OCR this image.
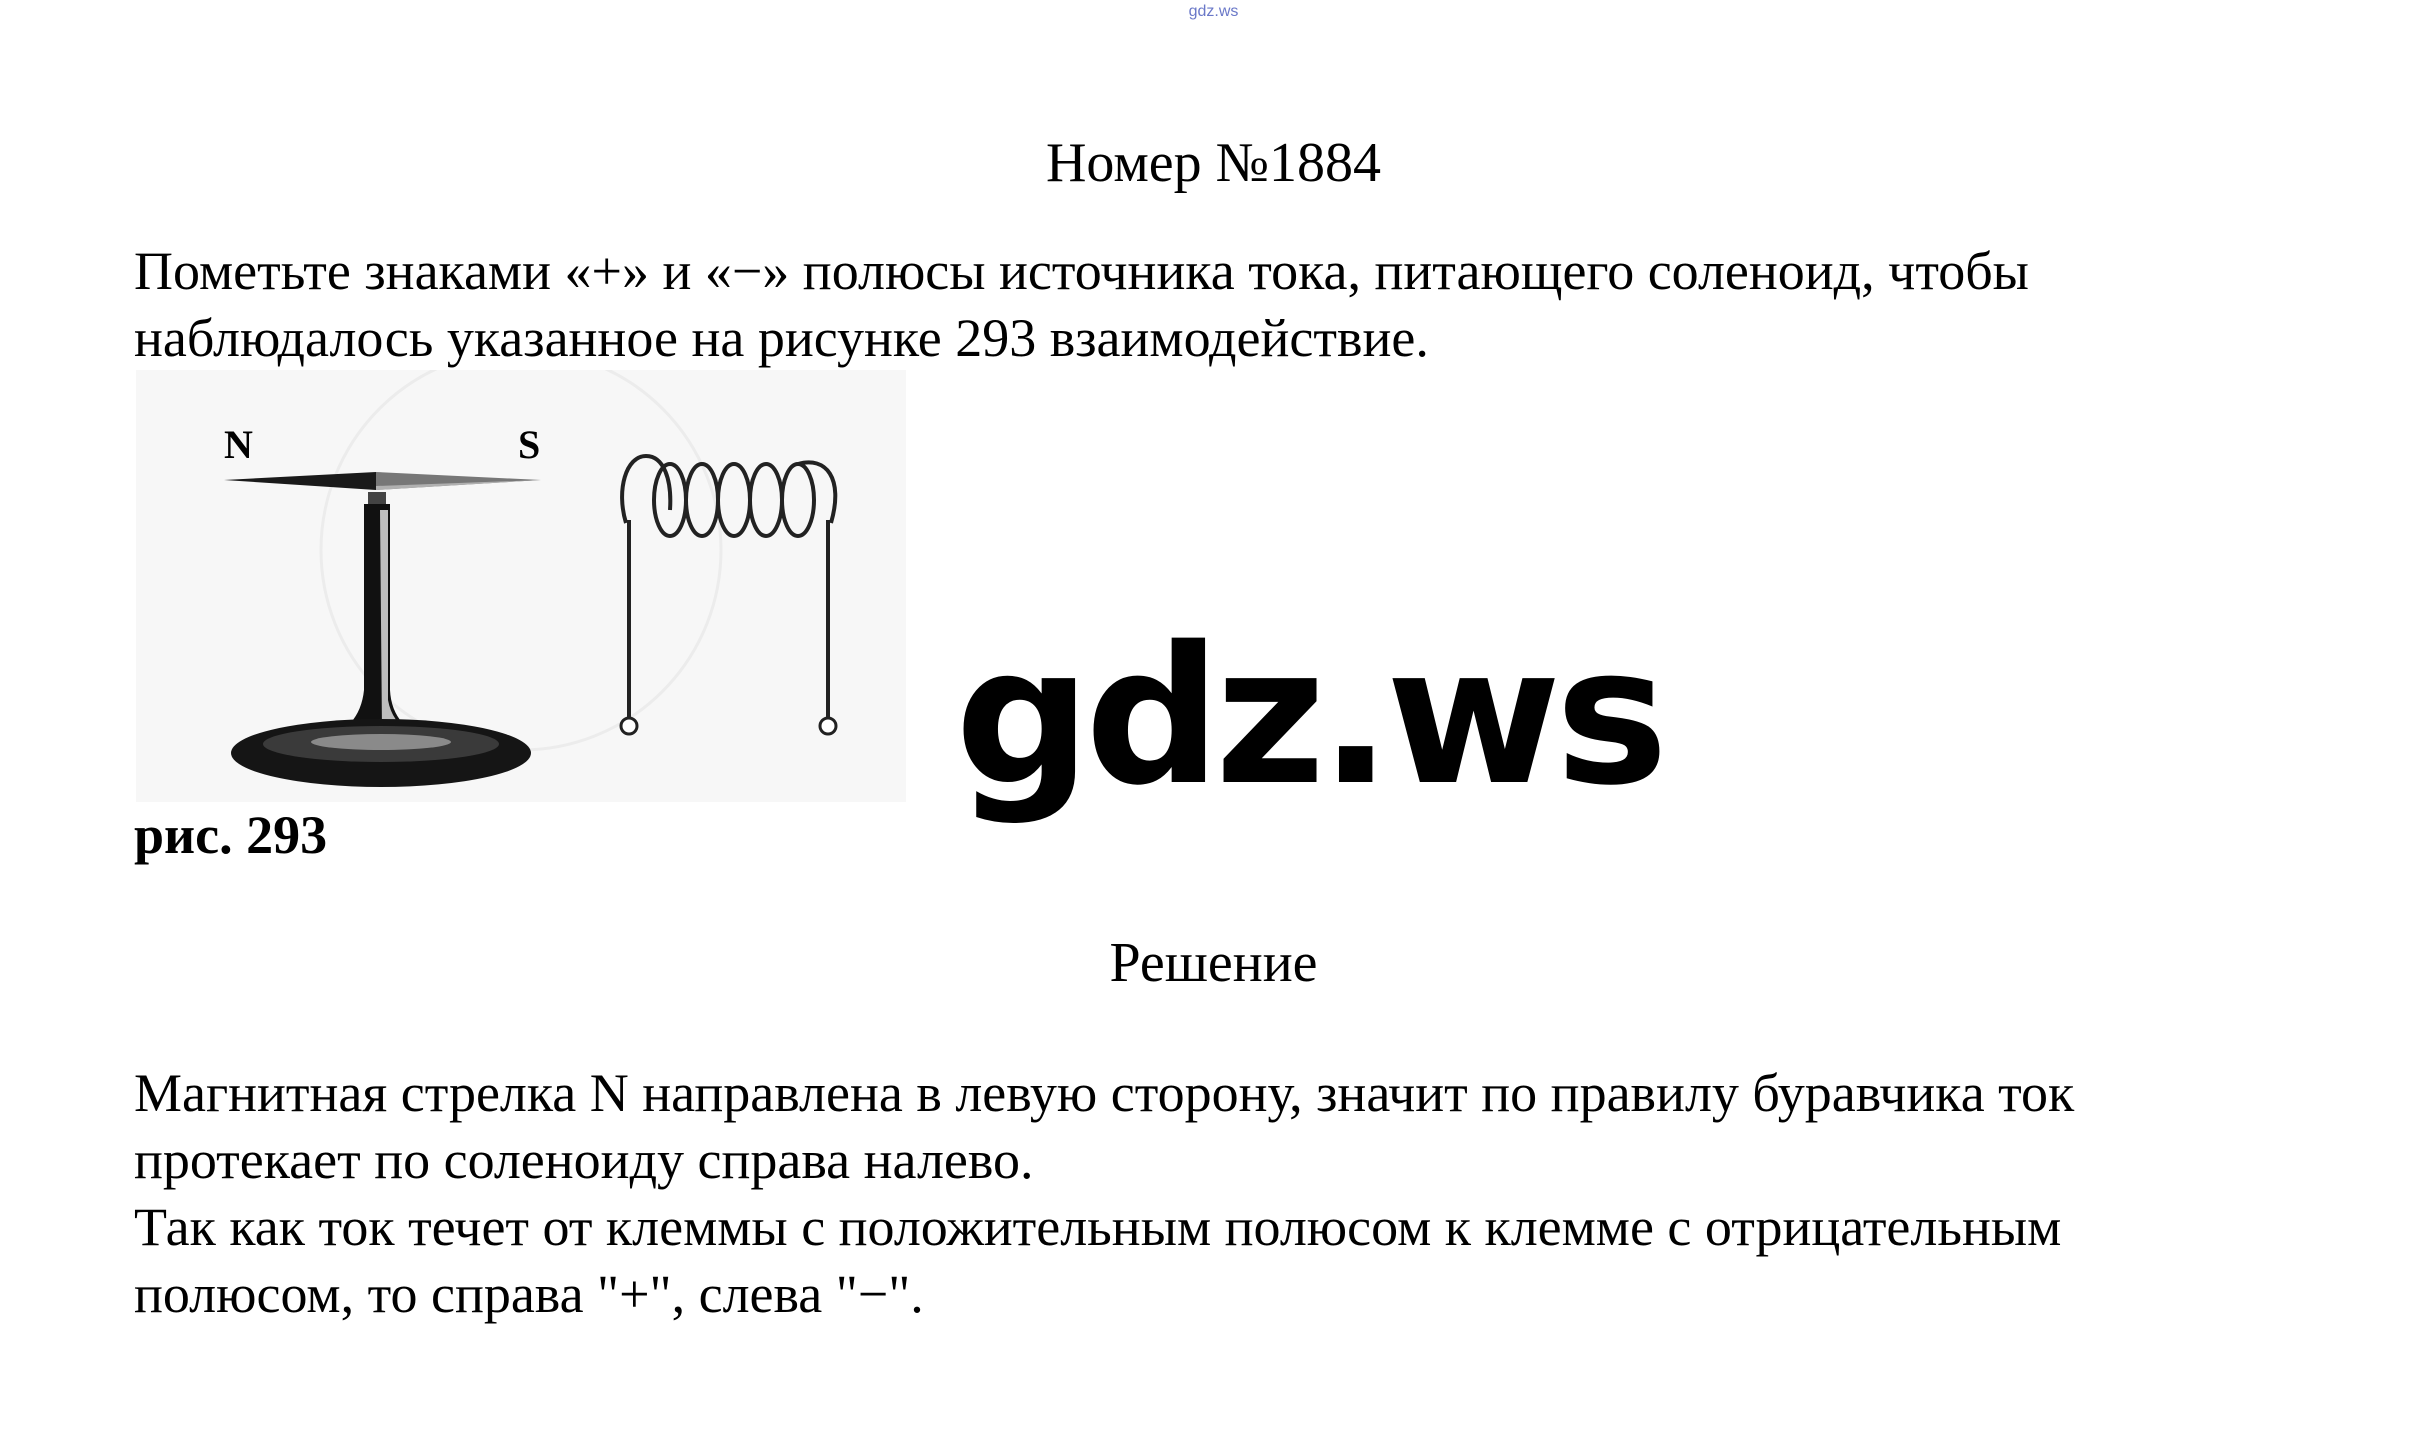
gdz.ws
Номер №1884
Пометьте знаками «+» и «−» полюсы источника тока, питающего соленоид, чтобы
наблюдалось указанное на рисунке 293 взаимодействие.
N	S
рис. 293
gdz.ws
Решение
Магнитная стрелка N направлена в левую сторону, значит по правилу буравчика ток
протекает по соленоиду справа налево.
Так как ток течет от клеммы с положительным полюсом к клемме с отрицательным
полюсом, то справа "+", слева "−".
